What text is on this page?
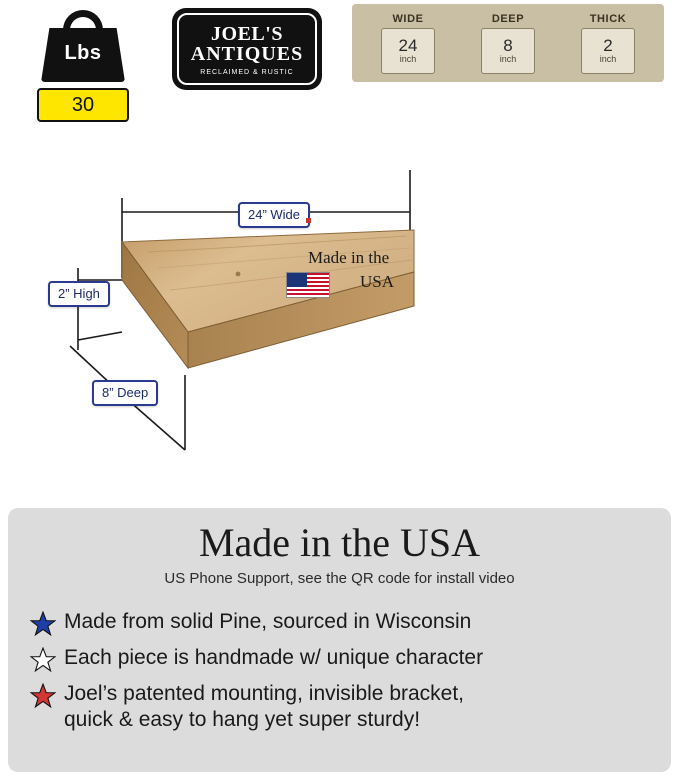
Lbs
30
JOEL'S
ANTIQUES
RECLAIMED & RUSTIC
WIDE
24
inch
DEEP
8
inch
THICK
2
inch
24” Wide
2” High
8” Deep
Made in the
USA
Made in the USA
US Phone Support, see the QR code for install video
Made from solid Pine, sourced in Wisconsin
Each piece is handmade w/ unique character
Joel’s patented mounting, invisible bracket,
quick & easy to hang yet super sturdy!
